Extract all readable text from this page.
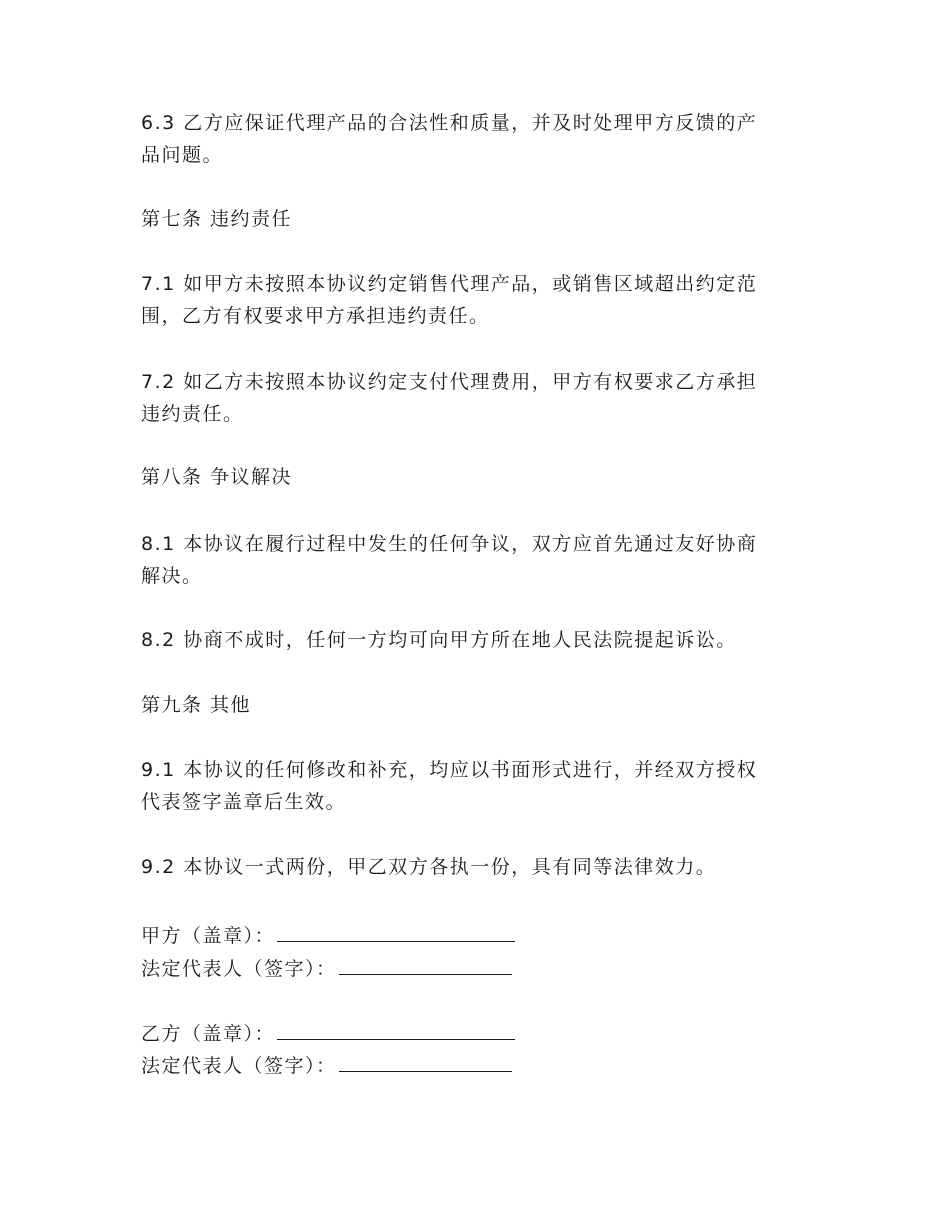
6.3 乙方应保证代理产品的合法性和质量，并及时处理甲方反馈的产
品问题。

第七条 违约责任

7.1 如甲方未按照本协议约定销售代理产品，或销售区域超出约定范
围，乙方有权要求甲方承担违约责任。

7.2 如乙方未按照本协议约定支付代理费用，甲方有权要求乙方承担
违约责任。

第八条 争议解决

8.1 本协议在履行过程中发生的任何争议，双方应首先通过友好协商
解决。

8.2 协商不成时，任何一方均可向甲方所在地人民法院提起诉讼。

第九条 其他

9.1 本协议的任何修改和补充，均应以书面形式进行，并经双方授权
代表签字盖章后生效。

9.2 本协议一式两份，甲乙双方各执一份，具有同等法律效力。

甲方（盖章）：
法定代表人（签字）：
乙方（盖章）：
法定代表人（签字）：
